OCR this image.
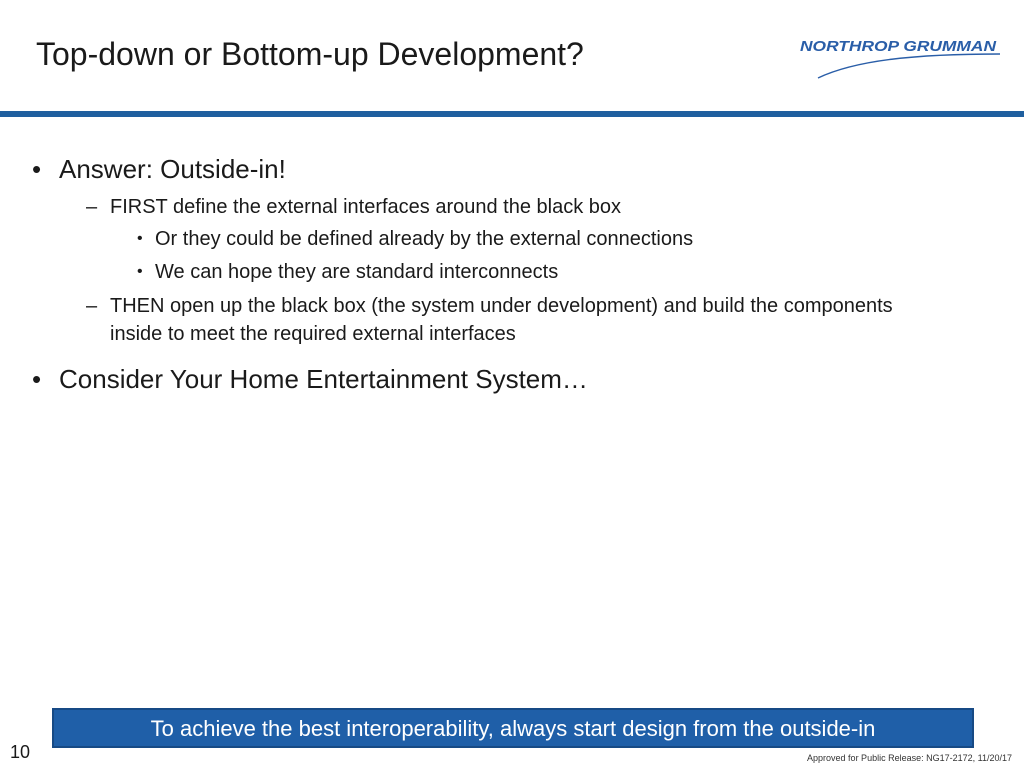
Top-down or Bottom-up Development?	NORTHROP GRUMMAN
• Answer: Outside-in!
– FIRST define the external interfaces around the black box
• Or they could be defined already by the external connections
• We can hope they are standard interconnects
– THEN open up the black box (the system under development) and build the components inside to meet the required external interfaces
• Consider Your Home Entertainment System…
To achieve the best interoperability, always start design from the outside-in
10	Approved for Public Release: NG17-2172, 11/20/17
